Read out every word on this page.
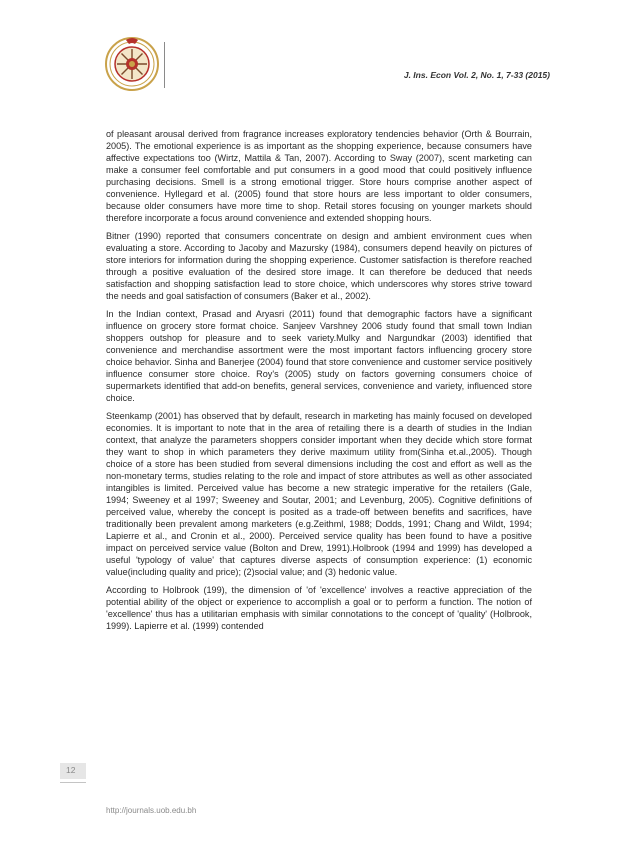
J. Ins. Econ Vol. 2, No. 1, 7-33 (2015)

of pleasant arousal derived from fragrance increases exploratory tendencies behavior (Orth & Bourrain, 2005). The emotional experience is as important as the shopping experience, because consumers have affective expectations too (Wirtz, Mattila & Tan, 2007). According to Sway (2007), scent marketing can make a consumer feel comfortable and put consumers in a good mood that could positively influence purchasing decisions. Smell is a strong emotional trigger. Store hours comprise another aspect of convenience. Hyllegard et al. (2005) found that store hours are less important to older consumers, because older consumers have more time to shop. Retail stores focusing on younger markets should therefore incorporate a focus around convenience and extended shopping hours.

Bitner (1990) reported that consumers concentrate on design and ambient environment cues when evaluating a store. According to Jacoby and Mazursky (1984), consumers depend heavily on pictures of store interiors for information during the shopping experience. Customer satisfaction is therefore reached through a positive evaluation of the desired store image. It can therefore be deduced that needs satisfaction and shopping satisfaction lead to store choice, which underscores why stores strive toward the needs and goal satisfaction of consumers (Baker et al., 2002).

In the Indian context, Prasad and Aryasri (2011) found that demographic factors have a significant influence on grocery store format choice. Sanjeev Varshney 2006 study found that small town Indian shoppers outshop for pleasure and to seek variety.Mulky and Nargundkar (2003) identified that convenience and merchandise assortment were the most important factors influencing grocery store choice behavior. Sinha and Banerjee (2004) found that store convenience and customer service positively influence consumer store choice. Roy's (2005) study on factors governing consumers choice of supermarkets identified that add-on benefits, general services, convenience and variety, influenced store choice.

Steenkamp (2001) has observed that by default, research in marketing has mainly focused on developed economies. It is important to note that in the area of retailing there is a dearth of studies in the Indian context, that analyze the parameters shoppers consider important when they decide which store format they want to shop in which parameters they derive maximum utility from(Sinha et.al.,2005). Though choice of a store has been studied from several dimensions including the cost and effort as well as the non-monetary terms, studies relating to the role and impact of store attributes as well as other associated intangibles is limited. Perceived value has become a new strategic imperative for the retailers (Gale, 1994; Sweeney et al 1997; Sweeney and Soutar, 2001; and Levenburg, 2005). Cognitive definitions of perceived value, whereby the concept is posited as a trade-off between benefits and sacrifices, have traditionally been prevalent among marketers (e.g.Zeithml, 1988; Dodds, 1991; Chang and Wildt, 1994; Lapierre et al., and Cronin et al., 2000). Perceived service quality has been found to have a positive impact on perceived service value (Bolton and Drew, 1991).Holbrook (1994 and 1999) has developed a useful 'typology of value' that captures diverse aspects of consumption experience: (1) economic value(including quality and price); (2)social value; and (3) hedonic value.

According to Holbrook (199), the dimension of 'of 'excellence' involves a reactive appreciation of the potential ability of the object or experience to accomplish a goal or to perform a function. The notion of 'excellence' thus has a utilitarian emphasis with similar connotations to the concept of 'quality' (Holbrook, 1999). Lapierre et al. (1999) contended

12
http://journals.uob.edu.bh
